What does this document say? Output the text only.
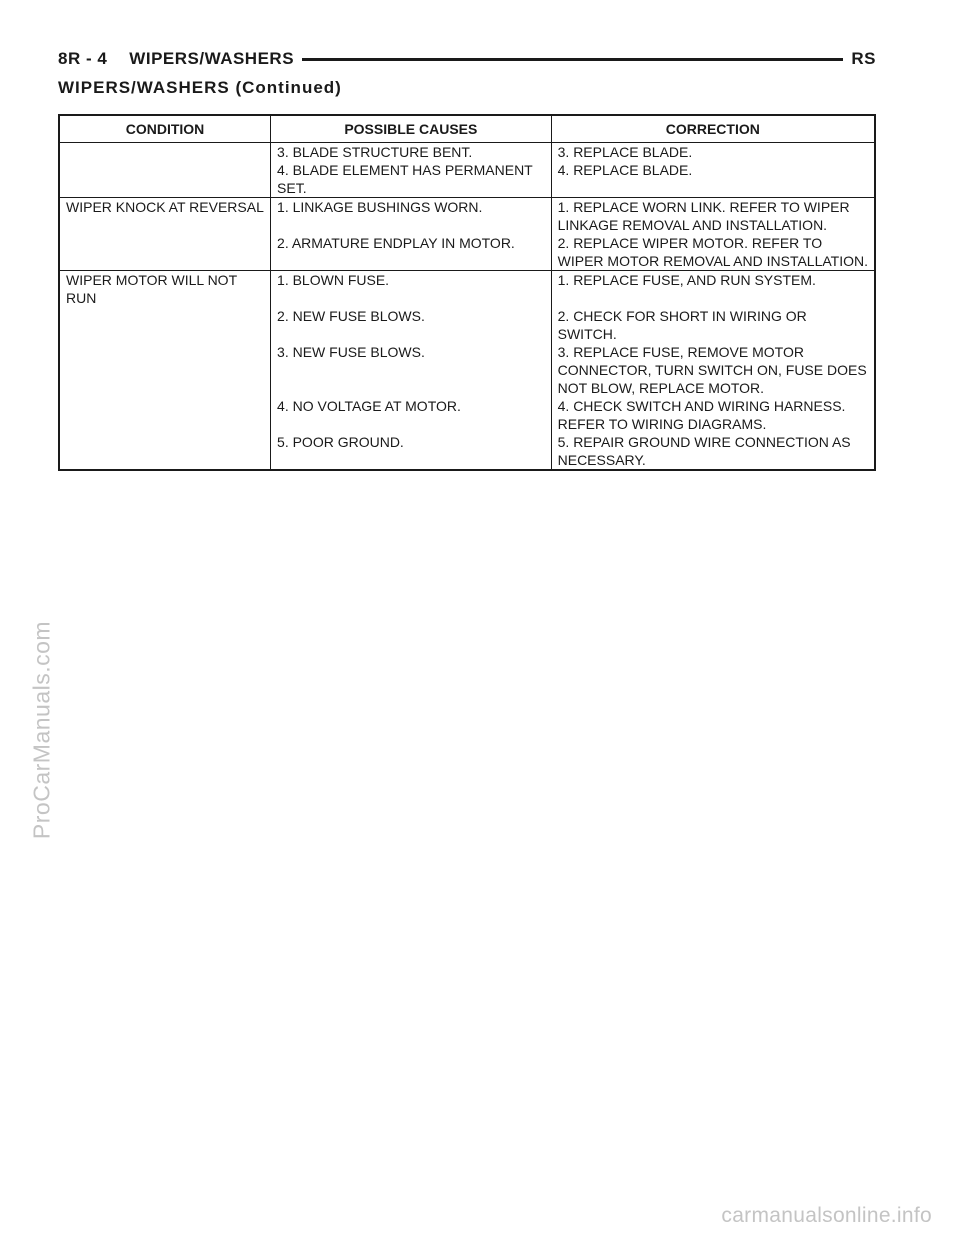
8R - 4 WIPERS/WASHERS	RS
WIPERS/WASHERS (Continued)
CONDITION	POSSIBLE CAUSES	CORRECTION
	3. BLADE STRUCTURE BENT.	3. REPLACE BLADE.
	4. BLADE ELEMENT HAS PERMANENT SET.	4. REPLACE BLADE.
WIPER KNOCK AT REVERSAL	1. LINKAGE BUSHINGS WORN.	1. REPLACE WORN LINK. REFER TO WIPER LINKAGE REMOVAL AND INSTALLATION.
	2. ARMATURE ENDPLAY IN MOTOR.	2. REPLACE WIPER MOTOR. REFER TO WIPER MOTOR REMOVAL AND INSTALLATION.
WIPER MOTOR WILL NOT RUN	1. BLOWN FUSE.	1. REPLACE FUSE, AND RUN SYSTEM.
	2. NEW FUSE BLOWS.	2. CHECK FOR SHORT IN WIRING OR SWITCH.
	3. NEW FUSE BLOWS.	3. REPLACE FUSE, REMOVE MOTOR CONNECTOR, TURN SWITCH ON, FUSE DOES NOT BLOW, REPLACE MOTOR.
	4. NO VOLTAGE AT MOTOR.	4. CHECK SWITCH AND WIRING HARNESS. REFER TO WIRING DIAGRAMS.
	5. POOR GROUND.	5. REPAIR GROUND WIRE CONNECTION AS NECESSARY.
ProCarManuals.com
carmanualsonline.info
